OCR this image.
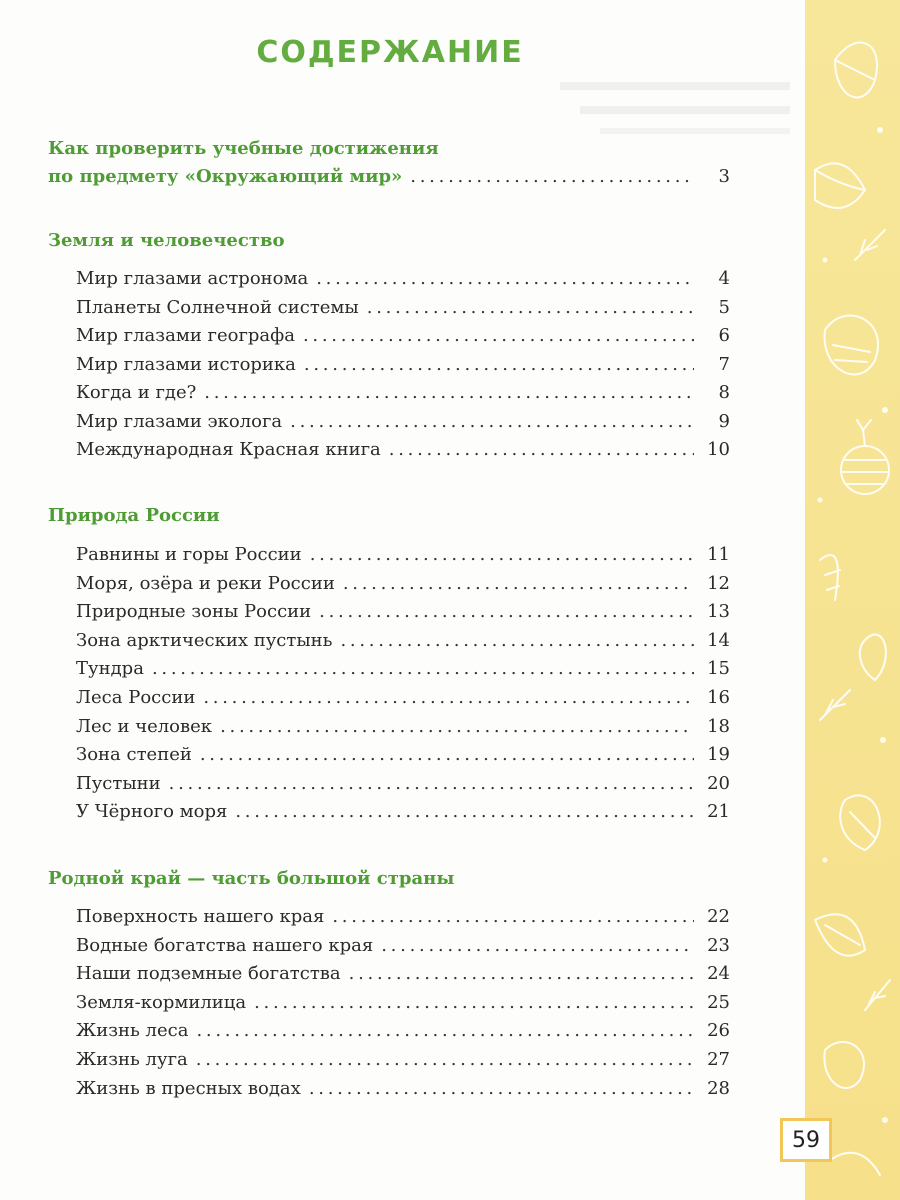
СОДЕРЖАНИЕ
Как проверить учебные достижения
по предмету «Окружающий мир» . . .	3
Земля и человечество
Мир глазами астронома . . .	4
Планеты Солнечной системы . . .	5
Мир глазами географа . . .	6
Мир глазами историка . . .	7
Когда и где? . . .	8
Мир глазами эколога . . .	9
Международная Красная книга . . .	10
Природа России
Равнины и горы России . . .	11
Моря, озёра и реки России . . .	12
Природные зоны России . . .	13
Зона арктических пустынь . . .	14
Тундра . . .	15
Леса России . . .	16
Лес и человек . . .	18
Зона степей . . .	19
Пустыни . . .	20
У Чёрного моря . . .	21
Родной край — часть большой страны
Поверхность нашего края . . .	22
Водные богатства нашего края . . .	23
Наши подземные богатства . . .	24
Земля-кормилица . . .	25
Жизнь леса . . .	26
Жизнь луга . . .	27
Жизнь в пресных водах . . .	28
59
